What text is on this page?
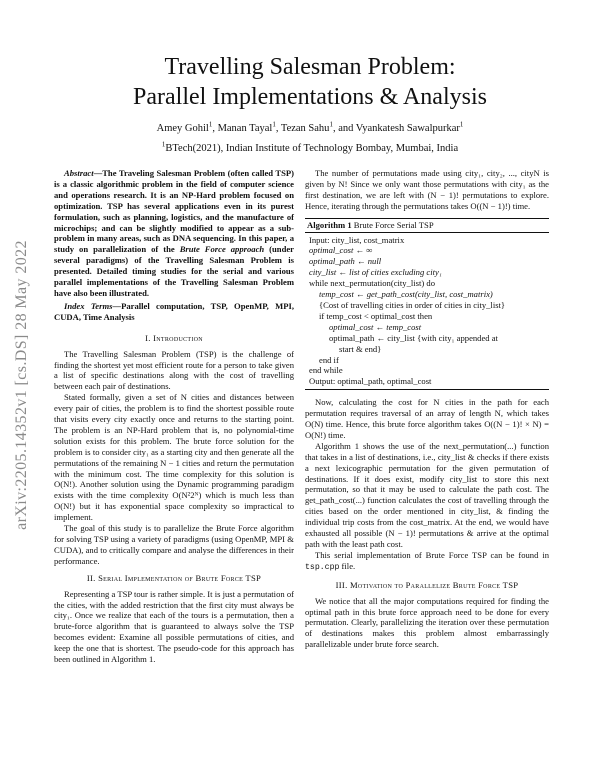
arXiv:2205.14352v1 [cs.DS] 28 May 2022
Travelling Salesman Problem:
Parallel Implementations & Analysis
Amey Gohil$^1$, Manan Tayal$^1$, Tezan Sahu$^1$, and Vyankatesh Sawalpurkar$^1$
$^1$BTech(2021), Indian Institute of Technology Bombay, Mumbai, India

Abstract—The Traveling Salesman Problem (often called TSP) is a classic algorithmic problem in the field of computer science and operations research. It is an NP-Hard problem focused on optimization. TSP has several applications even in its purest formulation, such as planning, logistics, and the manufacture of microchips; and can be slightly modified to appear as a sub-problem in many areas, such as DNA sequencing. In this paper, a study on parallelization of the Brute Force approach (under several paradigms) of the Travelling Salesman Problem is presented. Detailed timing studies for the serial and various parallel implementations of the Travelling Salesman Problem have also been illustrated.

Index Terms—Parallel computation, TSP, OpenMP, MPI, CUDA, Time Analysis

I. Introduction

The Travelling Salesman Problem (TSP) is the challenge of finding the shortest yet most efficient route for a person to take given a list of specific destinations along with the cost of travelling between each pair of destinations.

Stated formally, given a set of N cities and distances between every pair of cities, the problem is to find the shortest possible route that visits every city exactly once and returns to the starting point. The problem is an NP-Hard problem that is, no polynomial-time solution exists for this problem. The brute force solution for the problem is to consider city₁ as a starting city and then generate all the permutations of the remaining N − 1 cities and return the permutation with the minimum cost. The time complexity for this solution is O(N!). Another solution using the Dynamic programming paradigm exists with the time complexity O(N²2ᴺ) which is much less than O(N!) but it has exponential space complexity so impractical to implement.

The goal of this study is to parallelize the Brute Force algorithm for solving TSP using a variety of paradigms (using OpenMP, MPI & CUDA), and to critically compare and analyse the differences in their performance.

II. Serial Implementation of Brute Force TSP

Representing a TSP tour is rather simple. It is just a permutation of the cities, with the added restriction that the first city must always be city₁. Once we realize that each of the tours is a permutation, then a brute-force algorithm that is guaranteed to always solve the TSP becomes evident: Examine all possible permutations of cities, and keep the one that is shortest. The pseudo-code for this approach has been outlined in Algorithm 1.

The number of permutations made using city₁, city₂, ..., cityN is given by N! Since we only want those permutations with city₁ as the first destination, we are left with (N − 1)! permutations to explore. Hence, iterating through the permutations takes O((N − 1)!) time.

Algorithm 1 Brute Force Serial TSP
Input: city_list, cost_matrix
optimal_cost ← ∞
optimal_path ← null
city_list ← list of cities excluding city₁
while next_permutation(city_list) do
temp_cost ← get_path_cost(city_list, cost_matrix)
{Cost of travelling cities in order of cities in city_list}
if temp_cost < optimal_cost then
optimal_cost ← temp_cost
optimal_path ← city_list {with city₁ appended at
start & end}
end if
end while
Output: optimal_path, optimal_cost

Now, calculating the cost for N cities in the path for each permutation requires traversal of an array of length N, which takes O(N) time. Hence, this brute force algorithm takes O((N − 1)! × N) = O(N!) time.

Algorithm 1 shows the use of the next_permutation(...) function that takes in a list of destinations, i.e., city_list & checks if there exists a next lexicographic permutation for the given permutation of destinations. If it does exist, modify city_list to store this next permutation, so that it may be used to calculate the path cost. The get_path_cost(...) function calculates the cost of travelling through the cities based on the order mentioned in city_list, & finding the individual trip costs from the cost_matrix. At the end, we would have exhausted all possible (N − 1)! permutations & arrive at the optimal path with the least path cost.

This serial implementation of Brute Force TSP can be found in tsp.cpp file.

III. Motivation to Parallelize Brute Force TSP

We notice that all the major computations required for finding the optimal path in this brute force approach need to be done for every permutation. Clearly, parallelizing the iteration over these permutation of destinations makes this problem almost embarrassingly parallelizable under brute force search.
